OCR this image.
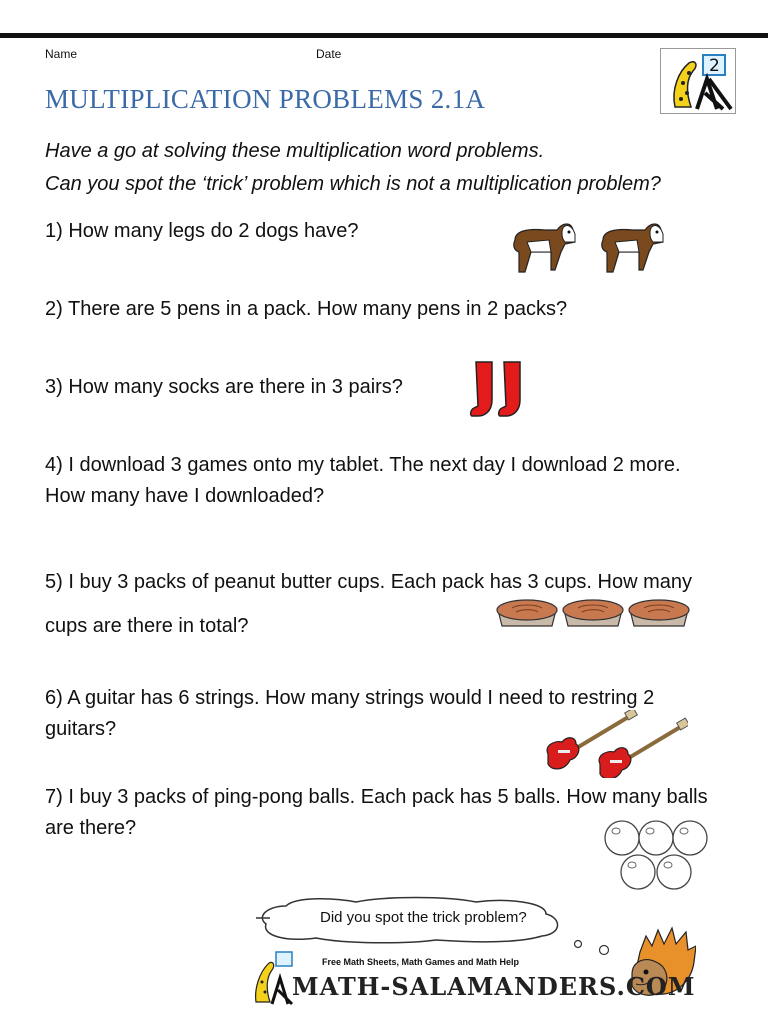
Name	Date
2
MULTIPLICATION PROBLEMS 2.1A
Have a go at solving these multiplication word problems.
Can you spot the ‘trick’ problem which is not a multiplication problem?
1) How many legs do 2 dogs have?
2) There are 5 pens in a pack. How many pens in 2 packs?
3) How many socks are there in 3 pairs?
4) I download 3 games onto my tablet. The next day I download 2 more.
How many have I downloaded?
5) I buy 3 packs of peanut butter cups. Each pack has 3 cups. How many
cups are there in total?
6) A guitar has 6 strings. How many strings would I need to restring 2
guitars?
7) I buy 3 packs of ping-pong balls. Each pack has 5 balls. How many balls
are there?
Did you spot the trick problem?
Free Math Sheets, Math Games and Math Help
MATH-SALAMANDERS.COM
